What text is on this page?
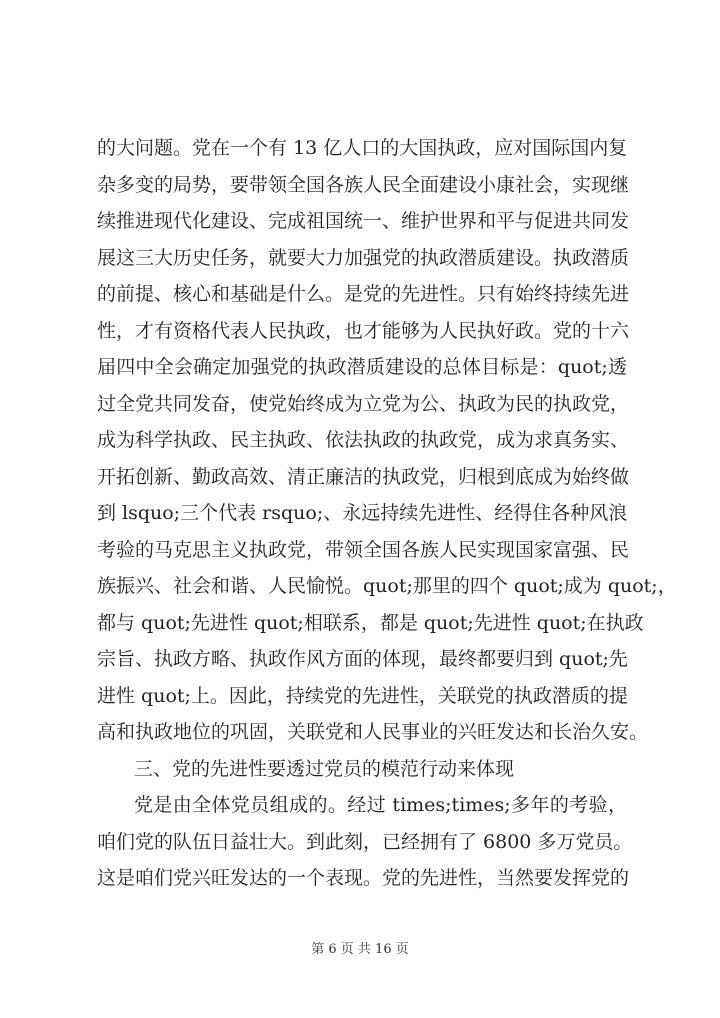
的大问题。党在一个有 13 亿人口的大国执政，应对国际国内复
杂多变的局势，要带领全国各族人民全面建设小康社会，实现继
续推进现代化建设、完成祖国统一、维护世界和平与促进共同发
展这三大历史任务，就要大力加强党的执政潜质建设。执政潜质
的前提、核心和基础是什么。是党的先进性。只有始终持续先进
性，才有资格代表人民执政，也才能够为人民执好政。党的十六
届四中全会确定加强党的执政潜质建设的总体目标是：quot;透
过全党共同发奋，使党始终成为立党为公、执政为民的执政党，
成为科学执政、民主执政、依法执政的执政党，成为求真务实、
开拓创新、勤政高效、清正廉洁的执政党，归根到底成为始终做
到 lsquo;三个代表 rsquo;、永远持续先进性、经得住各种风浪
考验的马克思主义执政党，带领全国各族人民实现国家富强、民
族振兴、社会和谐、人民愉悦。quot;那里的四个 quot;成为 quot;，
都与 quot;先进性 quot;相联系，都是 quot;先进性 quot;在执政
宗旨、执政方略、执政作风方面的体现，最终都要归到 quot;先
进性 quot;上。因此，持续党的先进性，关联党的执政潜质的提
高和执政地位的巩固，关联党和人民事业的兴旺发达和长治久安。
三、党的先进性要透过党员的模范行动来体现
党是由全体党员组成的。经过 times;times;多年的考验，
咱们党的队伍日益壮大。到此刻，已经拥有了 6800 多万党员。
这是咱们党兴旺发达的一个表现。党的先进性，当然要发挥党的
第 6 页 共 16 页
